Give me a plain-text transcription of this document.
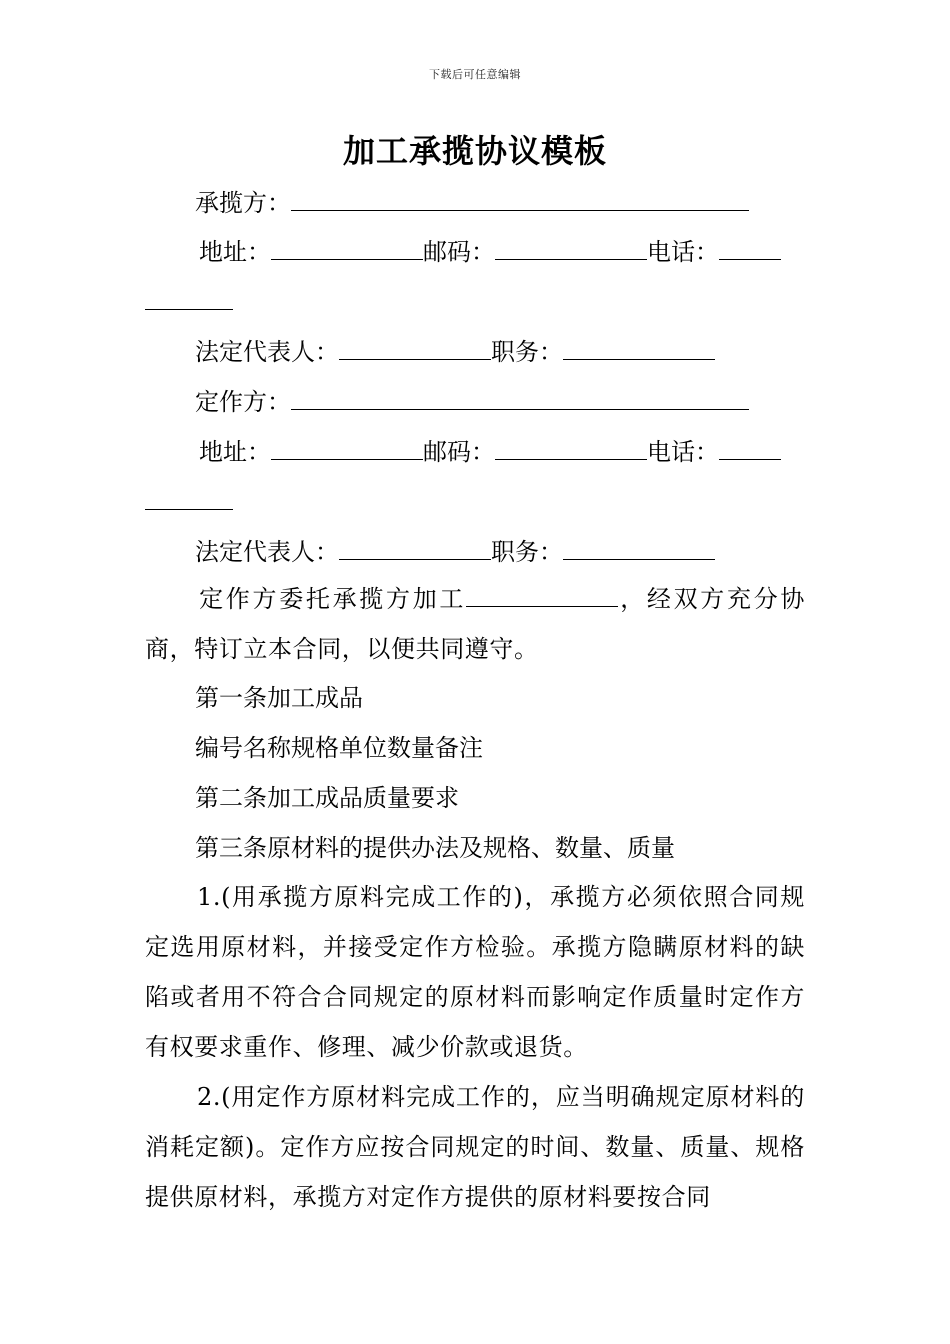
下载后可任意编辑
加工承揽协议模板
承揽方：
地址：	邮码：	电话：
法定代表人：	职务：
定作方：
地址：	邮码：	电话：
法定代表人：	职务：
定作方委托承揽方加工	，经双方充分协商，特订立本合同，以便共同遵守。
第一条加工成品
编号名称规格单位数量备注
第二条加工成品质量要求
第三条原材料的提供办法及规格、数量、质量
1.(用承揽方原料完成工作的)，承揽方必须依照合同规定选用原材料，并接受定作方检验。承揽方隐瞒原材料的缺陷或者用不符合合同规定的原材料而影响定作质量时定作方有权要求重作、修理、减少价款或退货。
2.(用定作方原材料完成工作的，应当明确规定原材料的消耗定额)。定作方应按合同规定的时间、数量、质量、规格提供原材料，承揽方对定作方提供的原材料要按合同
